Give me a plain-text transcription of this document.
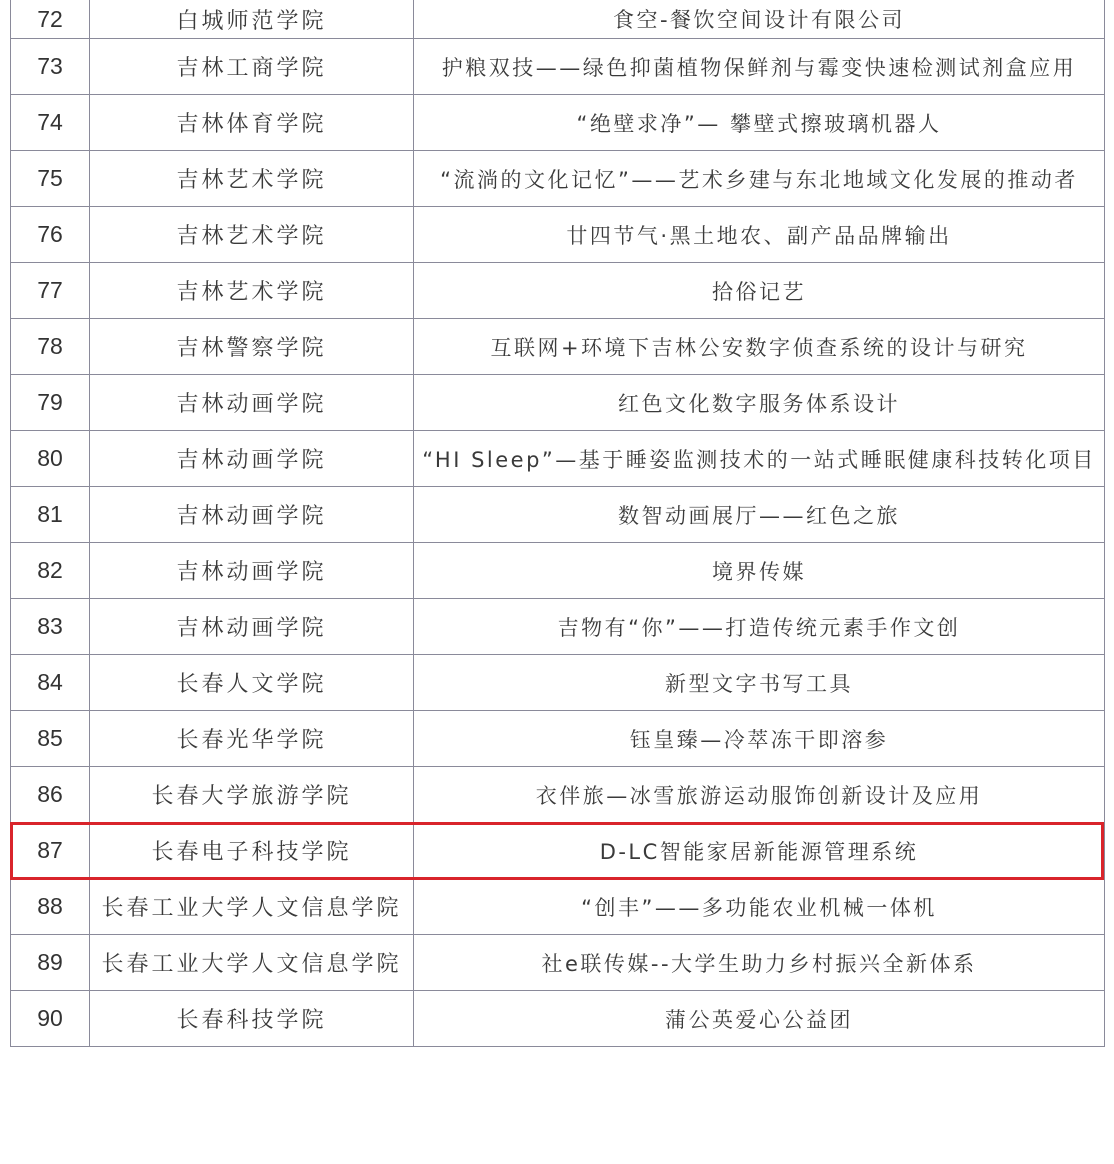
72	白城师范学院	食空-餐饮空间设计有限公司
73	吉林工商学院	护粮双技——绿色抑菌植物保鲜剂与霉变快速检测试剂盒应用
74	吉林体育学院	“绝壁求净”— 攀壁式擦玻璃机器人
75	吉林艺术学院	“流淌的文化记忆”——艺术乡建与东北地域文化发展的推动者
76	吉林艺术学院	廿四节气·黑土地农、副产品品牌输出
77	吉林艺术学院	拾俗记艺
78	吉林警察学院	互联网+环境下吉林公安数字侦查系统的设计与研究
79	吉林动画学院	红色文化数字服务体系设计
80	吉林动画学院	“HI Sleep”—基于睡姿监测技术的一站式睡眠健康科技转化项目
81	吉林动画学院	数智动画展厅——红色之旅
82	吉林动画学院	境界传媒
83	吉林动画学院	吉物有“你”——打造传统元素手作文创
84	长春人文学院	新型文字书写工具
85	长春光华学院	钰皇臻—冷萃冻干即溶参
86	长春大学旅游学院	衣伴旅—冰雪旅游运动服饰创新设计及应用
87	长春电子科技学院	D-LC智能家居新能源管理系统
88	长春工业大学人文信息学院	“创丰”——多功能农业机械一体机
89	长春工业大学人文信息学院	社e联传媒--大学生助力乡村振兴全新体系
90	长春科技学院	蒲公英爱心公益团
